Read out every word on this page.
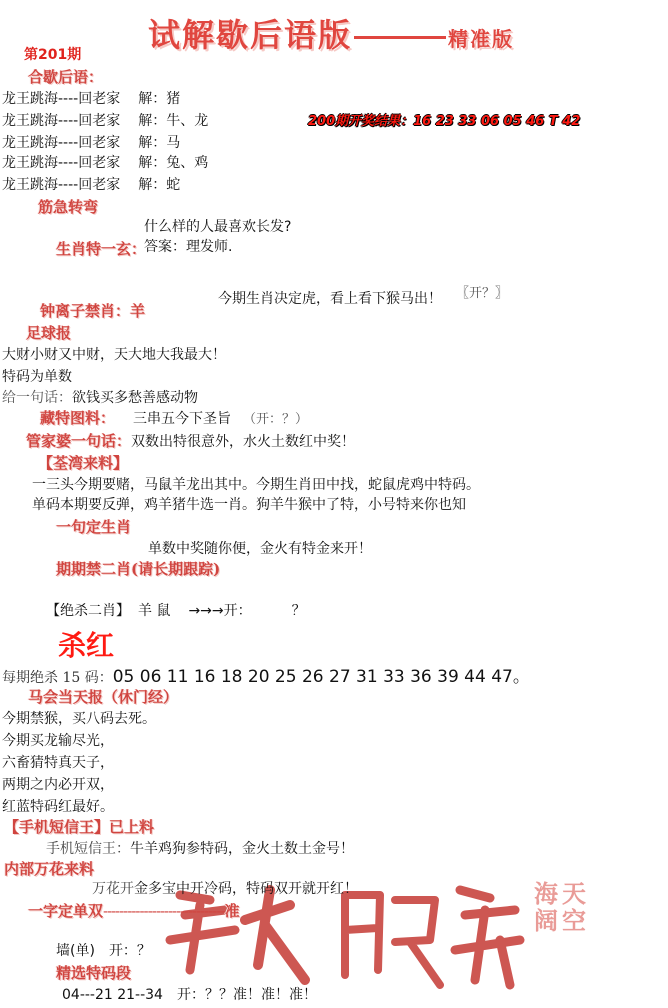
试解歇后语版	精准版
第201期
合歇后语：
龙王跳海----回老家 解：猪
龙王跳海----回老家 解：牛、龙
龙王跳海----回老家 解：马
龙王跳海----回老家 解：兔、鸡
龙王跳海----回老家 解：蛇
200期开奖结果：16 23 33 06 05 46 T 42
筋急转弯
什么样的人最喜欢长发?
答案：理发师.
生肖特一玄：
今期生肖决定虎，看上看下猴马出！ 〖开？〗
钟离子禁肖：羊
足球报
大财小财又中财，天大地大我最大！
特码为单数
给一句话：欲钱买多愁善感动物
藏特图料： 三串五今下圣旨 （开：？）
管家婆一句话：双数出特很意外，水火土数红中奖！
【荃湾来料】
一三头今期要赌，马鼠羊龙出其中。今期生肖田中找，蛇鼠虎鸡中特码。
单码本期要反弹，鸡羊猪牛选一肖。狗羊牛猴中了特，小号特来你也知
一句定生肖
单数中奖随你便，金火有特金来开！
期期禁二肖(请长期跟踪)
【绝杀二肖】 羊 鼠 →→→开：	？
杀红
每期绝杀 15 码：05 06 11 16 18 20 25 26 27 31 33 36 39 44 47。
马会当天报（休门经）
今期禁猴，买八码去死。
今期买龙输尽光，
六畜猜特真天子，
两期之内必开双，
红蓝特码红最好。
【手机短信王】已上料
手机短信王：牛羊鸡狗参特码，金火土数土金号！
内部万花来料
海 天
阔 空
万花开金多宝中开冷码，特码双开就开红！
一字定单双------------------------------准
墙(单) 开：？
精选特码段
04---21 21--34 开：？？准！准！准！
